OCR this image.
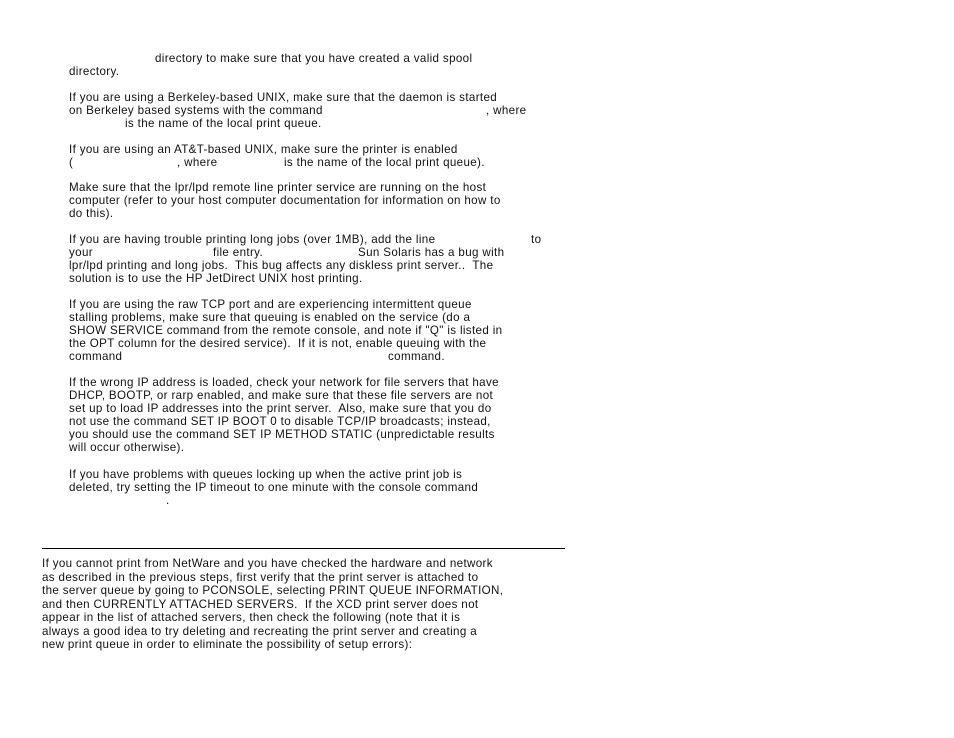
directory to make sure that you have created a valid spool
directory.
If you are using a Berkeley-based UNIX, make sure that the daemon is started
on Berkeley based systems with the command	, where
is the name of the local print queue.
If you are using an AT&T-based UNIX, make sure the printer is enabled
(	, where	is the name of the local print queue).
Make sure that the lpr/lpd remote line printer service are running on the host
computer (refer to your host computer documentation for information on how to
do this).
If you are having trouble printing long jobs (over 1MB), add the line	to
your	file entry.	Sun Solaris has a bug with
lpr/lpd printing and long jobs.  This bug affects any diskless print server..  The
solution is to use the HP JetDirect UNIX host printing.
If you are using the raw TCP port and are experiencing intermittent queue
stalling problems, make sure that queuing is enabled on the service (do a
SHOW SERVICE command from the remote console, and note if "Q" is listed in
the OPT column for the desired service).  If it is not, enable queuing with the
command	command.
If the wrong IP address is loaded, check your network for file servers that have
DHCP, BOOTP, or rarp enabled, and make sure that these file servers are not
set up to load IP addresses into the print server.  Also, make sure that you do
not use the command SET IP BOOT 0 to disable TCP/IP broadcasts; instead,
you should use the command SET IP METHOD STATIC (unpredictable results
will occur otherwise).
If you have problems with queues locking up when the active print job is
deleted, try setting the IP timeout to one minute with the console command
.
If you cannot print from NetWare and you have checked the hardware and network
as described in the previous steps, first verify that the print server is attached to
the server queue by going to PCONSOLE, selecting PRINT QUEUE INFORMATION,
and then CURRENTLY ATTACHED SERVERS.  If the XCD print server does not
appear in the list of attached servers, then check the following (note that it is
always a good idea to try deleting and recreating the print server and creating a
new print queue in order to eliminate the possibility of setup errors):
